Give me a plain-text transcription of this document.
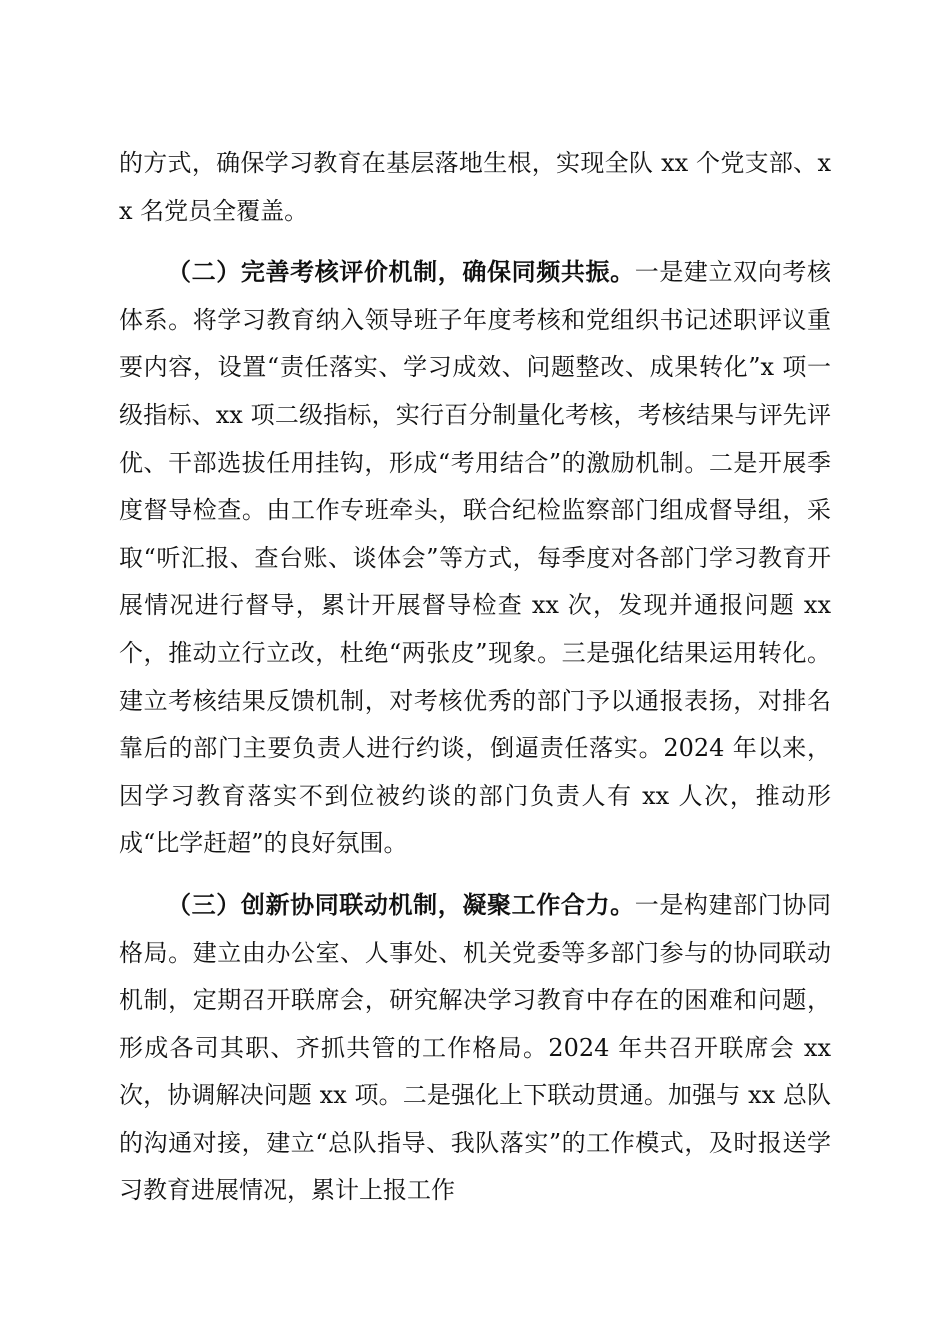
的方式，确保学习教育在基层落地生根，实现全队 xx 个党支部、xx 名党员全覆盖。

（二）完善考核评价机制，确保同频共振。一是建立双向考核体系。将学习教育纳入领导班子年度考核和党组织书记述职评议重要内容，设置“责任落实、学习成效、问题整改、成果转化”x 项一级指标、xx 项二级指标，实行百分制量化考核，考核结果与评先评优、干部选拔任用挂钩，形成“考用结合”的激励机制。二是开展季度督导检查。由工作专班牵头，联合纪检监察部门组成督导组，采取“听汇报、查台账、谈体会”等方式，每季度对各部门学习教育开展情况进行督导，累计开展督导检查 xx 次，发现并通报问题 xx 个，推动立行立改，杜绝“两张皮”现象。三是强化结果运用转化。建立考核结果反馈机制，对考核优秀的部门予以通报表扬，对排名靠后的部门主要负责人进行约谈，倒逼责任落实。2024 年以来，因学习教育落实不到位被约谈的部门负责人有 xx 人次，推动形成“比学赶超”的良好氛围。

（三）创新协同联动机制，凝聚工作合力。一是构建部门协同格局。建立由办公室、人事处、机关党委等多部门参与的协同联动机制，定期召开联席会，研究解决学习教育中存在的困难和问题，形成各司其职、齐抓共管的工作格局。2024 年共召开联席会 xx 次，协调解决问题 xx 项。二是强化上下联动贯通。加强与 xx 总队的沟通对接，建立“总队指导、我队落实”的工作模式，及时报送学习教育进展情况，累计上报工作
